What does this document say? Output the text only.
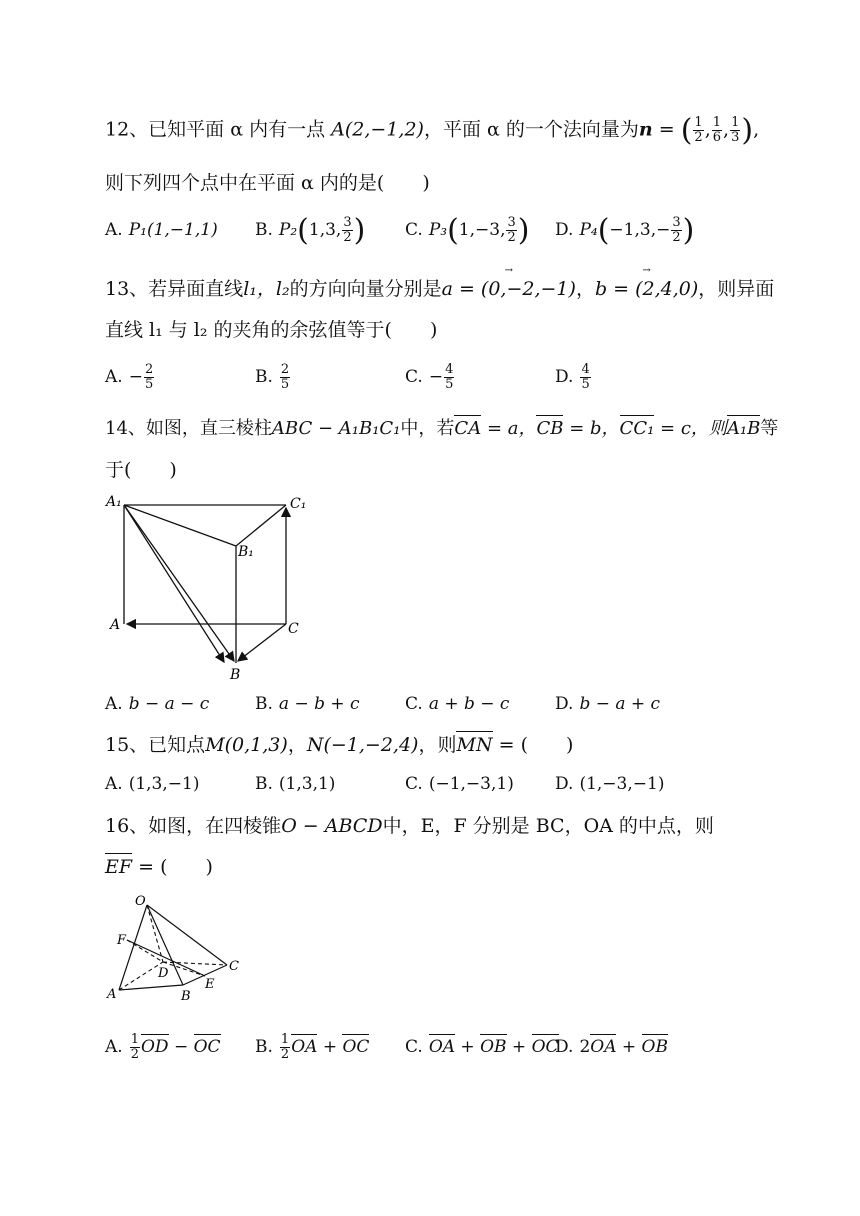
12、已知平面 α 内有一点 A(2,−1,2)，平面 α 的一个法向量为n = ( $\frac{1}{2}$ , $\frac{1}{6}$ , $\frac{1}{3}$ ),
则下列四个点中在平面 α 内的是(　　)
A. P₁(1,−1,1) B. P₂ ( 1,3, $\frac{3}{2}$ ) C. P₃ ( 1,−3, $\frac{3}{2}$ ) D. P₄ ( $-1,3,- \frac{3}{2}$ )
13、若异面直线l₁，l₂的方向向量分别是a = (0,−2,−1) →，b = (2,4,0) →，则异面
直线 l₁ 与 l₂ 的夹角的余弦值等于(　　)
A. − $\frac{2}{5}$	B. $\frac{2}{5}$	C. − $\frac{4}{5}$	D. $\frac{4}{5}$
14、如图，直三棱柱ABC − A₁B₁C₁中，若CA = a，CB = b，CC₁ = c，则A₁B等
于(　　)
A₁	C₁
B₁
A	C
B
A. b − a − c	B. a − b + c	C. a + b − c	D. b − a + c
15、已知点M(0,1,3)，N(−1,−2,4)，则MN = (　　)
A. (1,3,−1)	B. (1,3,1)	C. (−1,−3,1) D. (1,−3,−1)
16、如图，在四棱锥O − ABCD中，E，F 分别是 BC，OA 的中点，则
EF = (　　)
O
F
D	C
A	B
E
A. $\frac{1}{2}$ OD
−
OC B. $\frac{1}{2}$ OA
+
OC C. OA + OB + OC
D. 2 OA
+
OB
